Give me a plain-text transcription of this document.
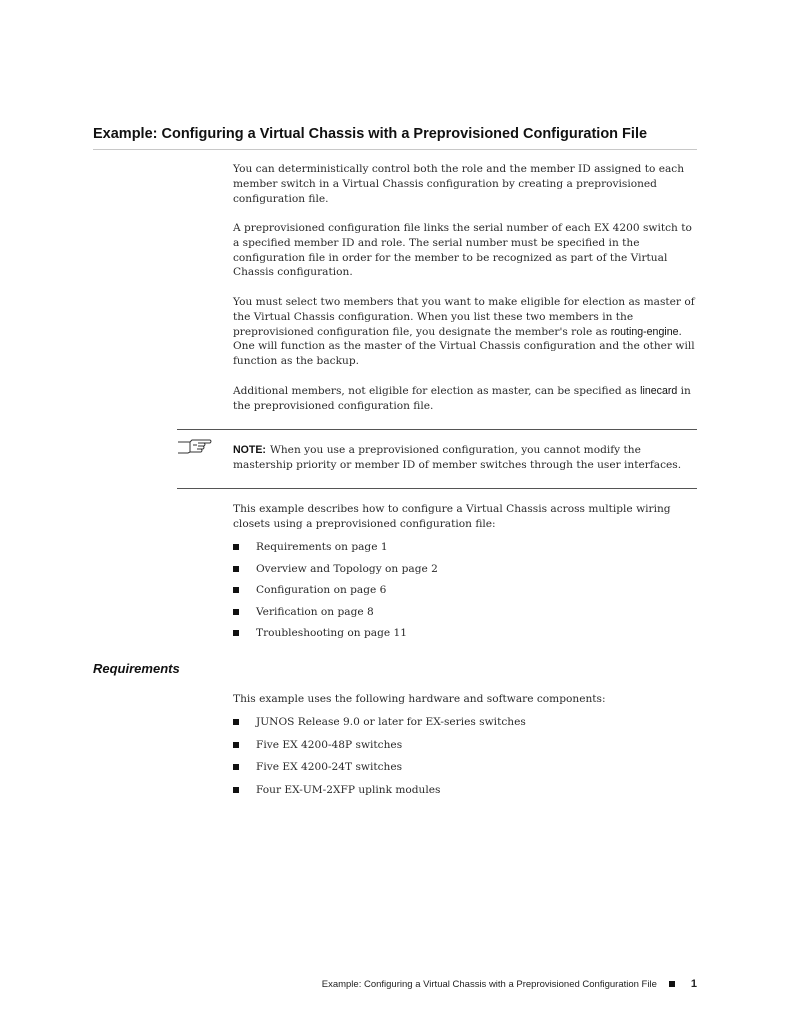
Example: Configuring a Virtual Chassis with a Preprovisioned Configuration File

You can deterministically control both the role and the member ID assigned to each member switch in a Virtual Chassis configuration by creating a preprovisioned configuration file.

A preprovisioned configuration file links the serial number of each EX 4200 switch to a specified member ID and role. The serial number must be specified in the configuration file in order for the member to be recognized as part of the Virtual Chassis configuration.

You must select two members that you want to make eligible for election as master of the Virtual Chassis configuration. When you list these two members in the preprovisioned configuration file, you designate the member's role as routing-engine. One will function as the master of the Virtual Chassis configuration and the other will function as the backup.

Additional members, not eligible for election as master, can be specified as linecard in the preprovisioned configuration file.

NOTE: When you use a preprovisioned configuration, you cannot modify the mastership priority or member ID of member switches through the user interfaces.

This example describes how to configure a Virtual Chassis across multiple wiring closets using a preprovisioned configuration file:

Requirements on page 1
Overview and Topology on page 2
Configuration on page 6
Verification on page 8
Troubleshooting on page 11
Requirements

This example uses the following hardware and software components:

JUNOS Release 9.0 or later for EX-series switches
Five EX 4200-48P switches
Five EX 4200-24T switches
Four EX-UM-2XFP uplink modules
Example: Configuring a Virtual Chassis with a Preprovisioned Configuration File	1
